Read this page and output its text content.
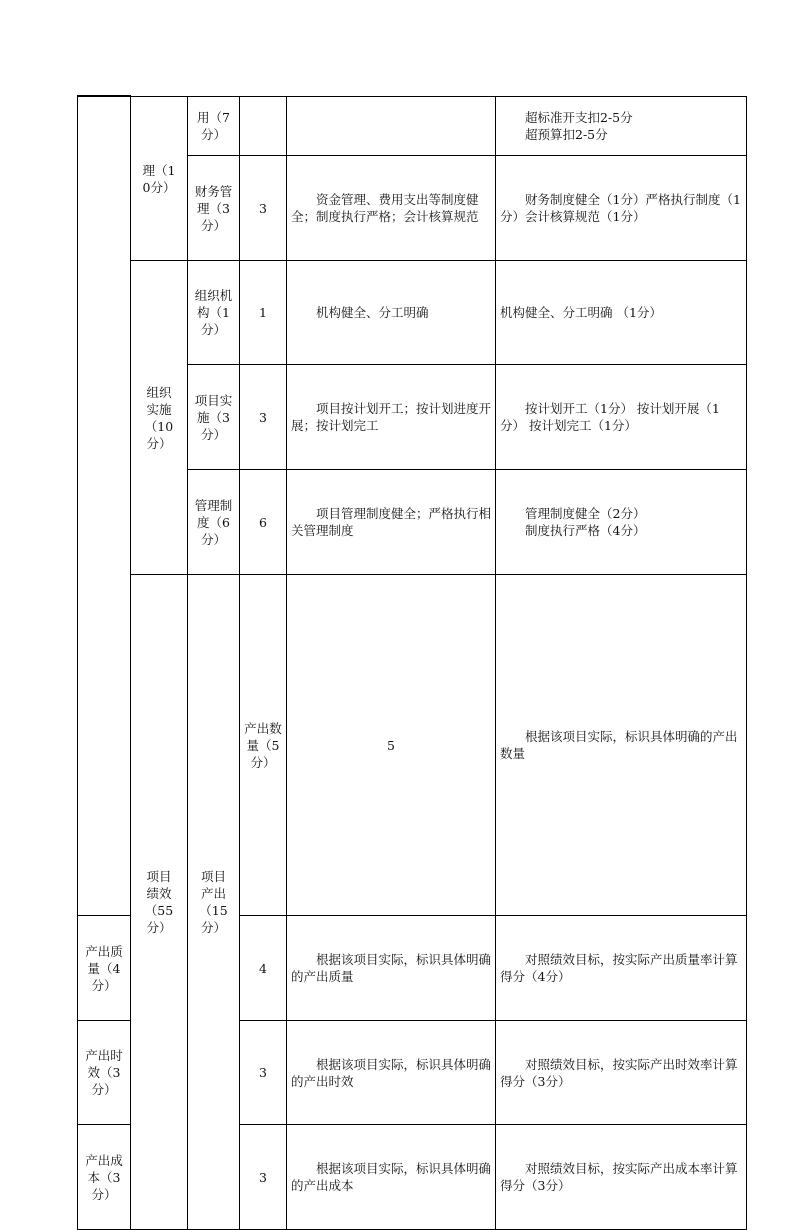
	理（10分）	用（7分）			超标准开支扣2-5分
超预算扣2-5分	

		财务管理（3分）	3	资金管理、费用支出等制度健全；制度执行严格；会计核算规范	财务制度健全（1分）严格执行制度（1分）会计核算规范（1分）	
	组织实施（10分）	组织机构（1分）	1	机构健全、分工明确	机构健全、分工明确 （1分）	
		项目实施（3分）	3	项目按计划开工；按计划进度开展；按计划完工	按计划开工（1分） 按计划开展（1分） 按计划完工（1分）	
		管理制度（6分）	6	项目管理制度健全；严格执行相关管理制度	管理制度健全（2分）
制度执行严格（4分）	

	项目绩效（55分）	项目产出（15分）	产出数量（5分）	5	根据该项目实际，标识具体明确的产出数量	
产出质量（4分）			4	根据该项目实际，标识具体明确的产出质量	对照绩效目标，按实际产出质量率计算得分（4分）	
产出时效（3分）			3	根据该项目实际，标识具体明确的产出时效	对照绩效目标，按实际产出时效率计算得分（3分）	
产出成本（3分）			3	根据该项目实际，标识具体明确的产出成本	对照绩效目标，按实际产出成本率计算得分（3分）	
